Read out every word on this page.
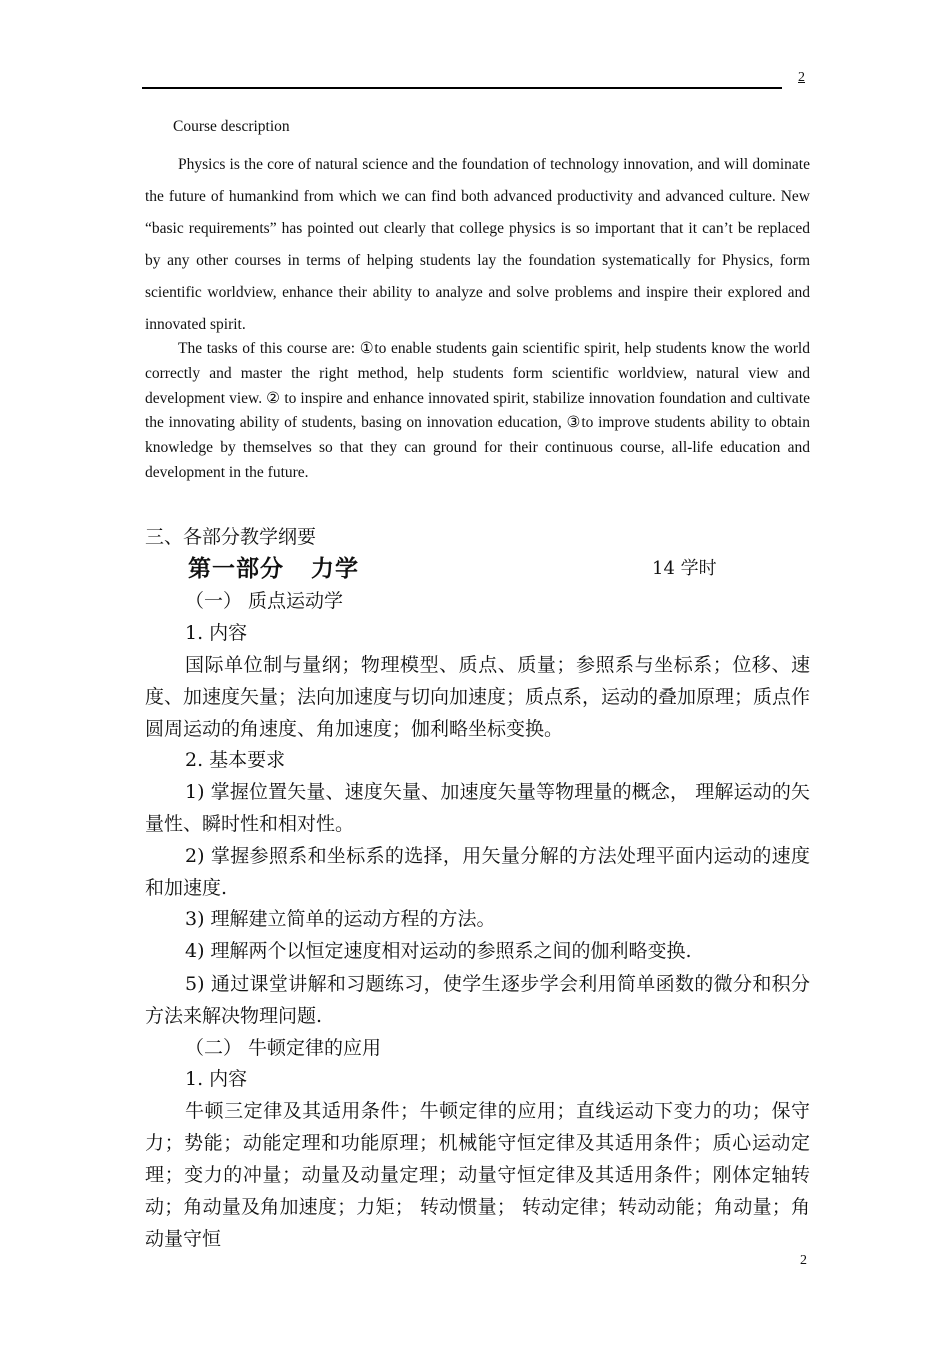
2
Course description
Physics is the core of natural science and the foundation of technology innovation, and will dominate the future of humankind from which we can find both advanced productivity and advanced culture. New “basic requirements” has pointed out clearly that college physics is so important that it can’t be replaced by any other courses in terms of helping students lay the foundation systematically for Physics, form scientific worldview, enhance their ability to analyze and solve problems and inspire their explored and innovated spirit.
The tasks of this course are: ①to enable students gain scientific spirit, help students know the world correctly and master the right method, help students form scientific worldview, natural view and development view. ② to inspire and enhance innovated spirit, stabilize innovation foundation and cultivate the innovating ability of students, basing on innovation education, ③to improve students ability to obtain knowledge by themselves so that they can ground for their continuous course, all-life education and development in the future.
三、各部分教学纲要
第一部分   力学	14 学时
（一） 质点运动学
1. 内容
国际单位制与量纲；物理模型、质点、质量；参照系与坐标系；位移、速度、加速度矢量；法向加速度与切向加速度；质点系，运动的叠加原理；质点作圆周运动的角速度、角加速度；伽利略坐标变换。
2. 基本要求
1) 掌握位置矢量、速度矢量、加速度矢量等物理量的概念， 理解运动的矢量性、瞬时性和相对性。
2) 掌握参照系和坐标系的选择，用矢量分解的方法处理平面内运动的速度和加速度.
3) 理解建立简单的运动方程的方法。
4) 理解两个以恒定速度相对运动的参照系之间的伽利略变换.
5) 通过课堂讲解和习题练习，使学生逐步学会利用简单函数的微分和积分方法来解决物理问题.
（二） 牛顿定律的应用
1. 内容
牛顿三定律及其适用条件；牛顿定律的应用；直线运动下变力的功；保守力；势能；动能定理和功能原理；机械能守恒定律及其适用条件；质心运动定理；变力的冲量；动量及动量定理；动量守恒定律及其适用条件；刚体定轴转动；角动量及角加速度；力矩； 转动惯量； 转动定律；转动动能；角动量；角动量守恒
2
